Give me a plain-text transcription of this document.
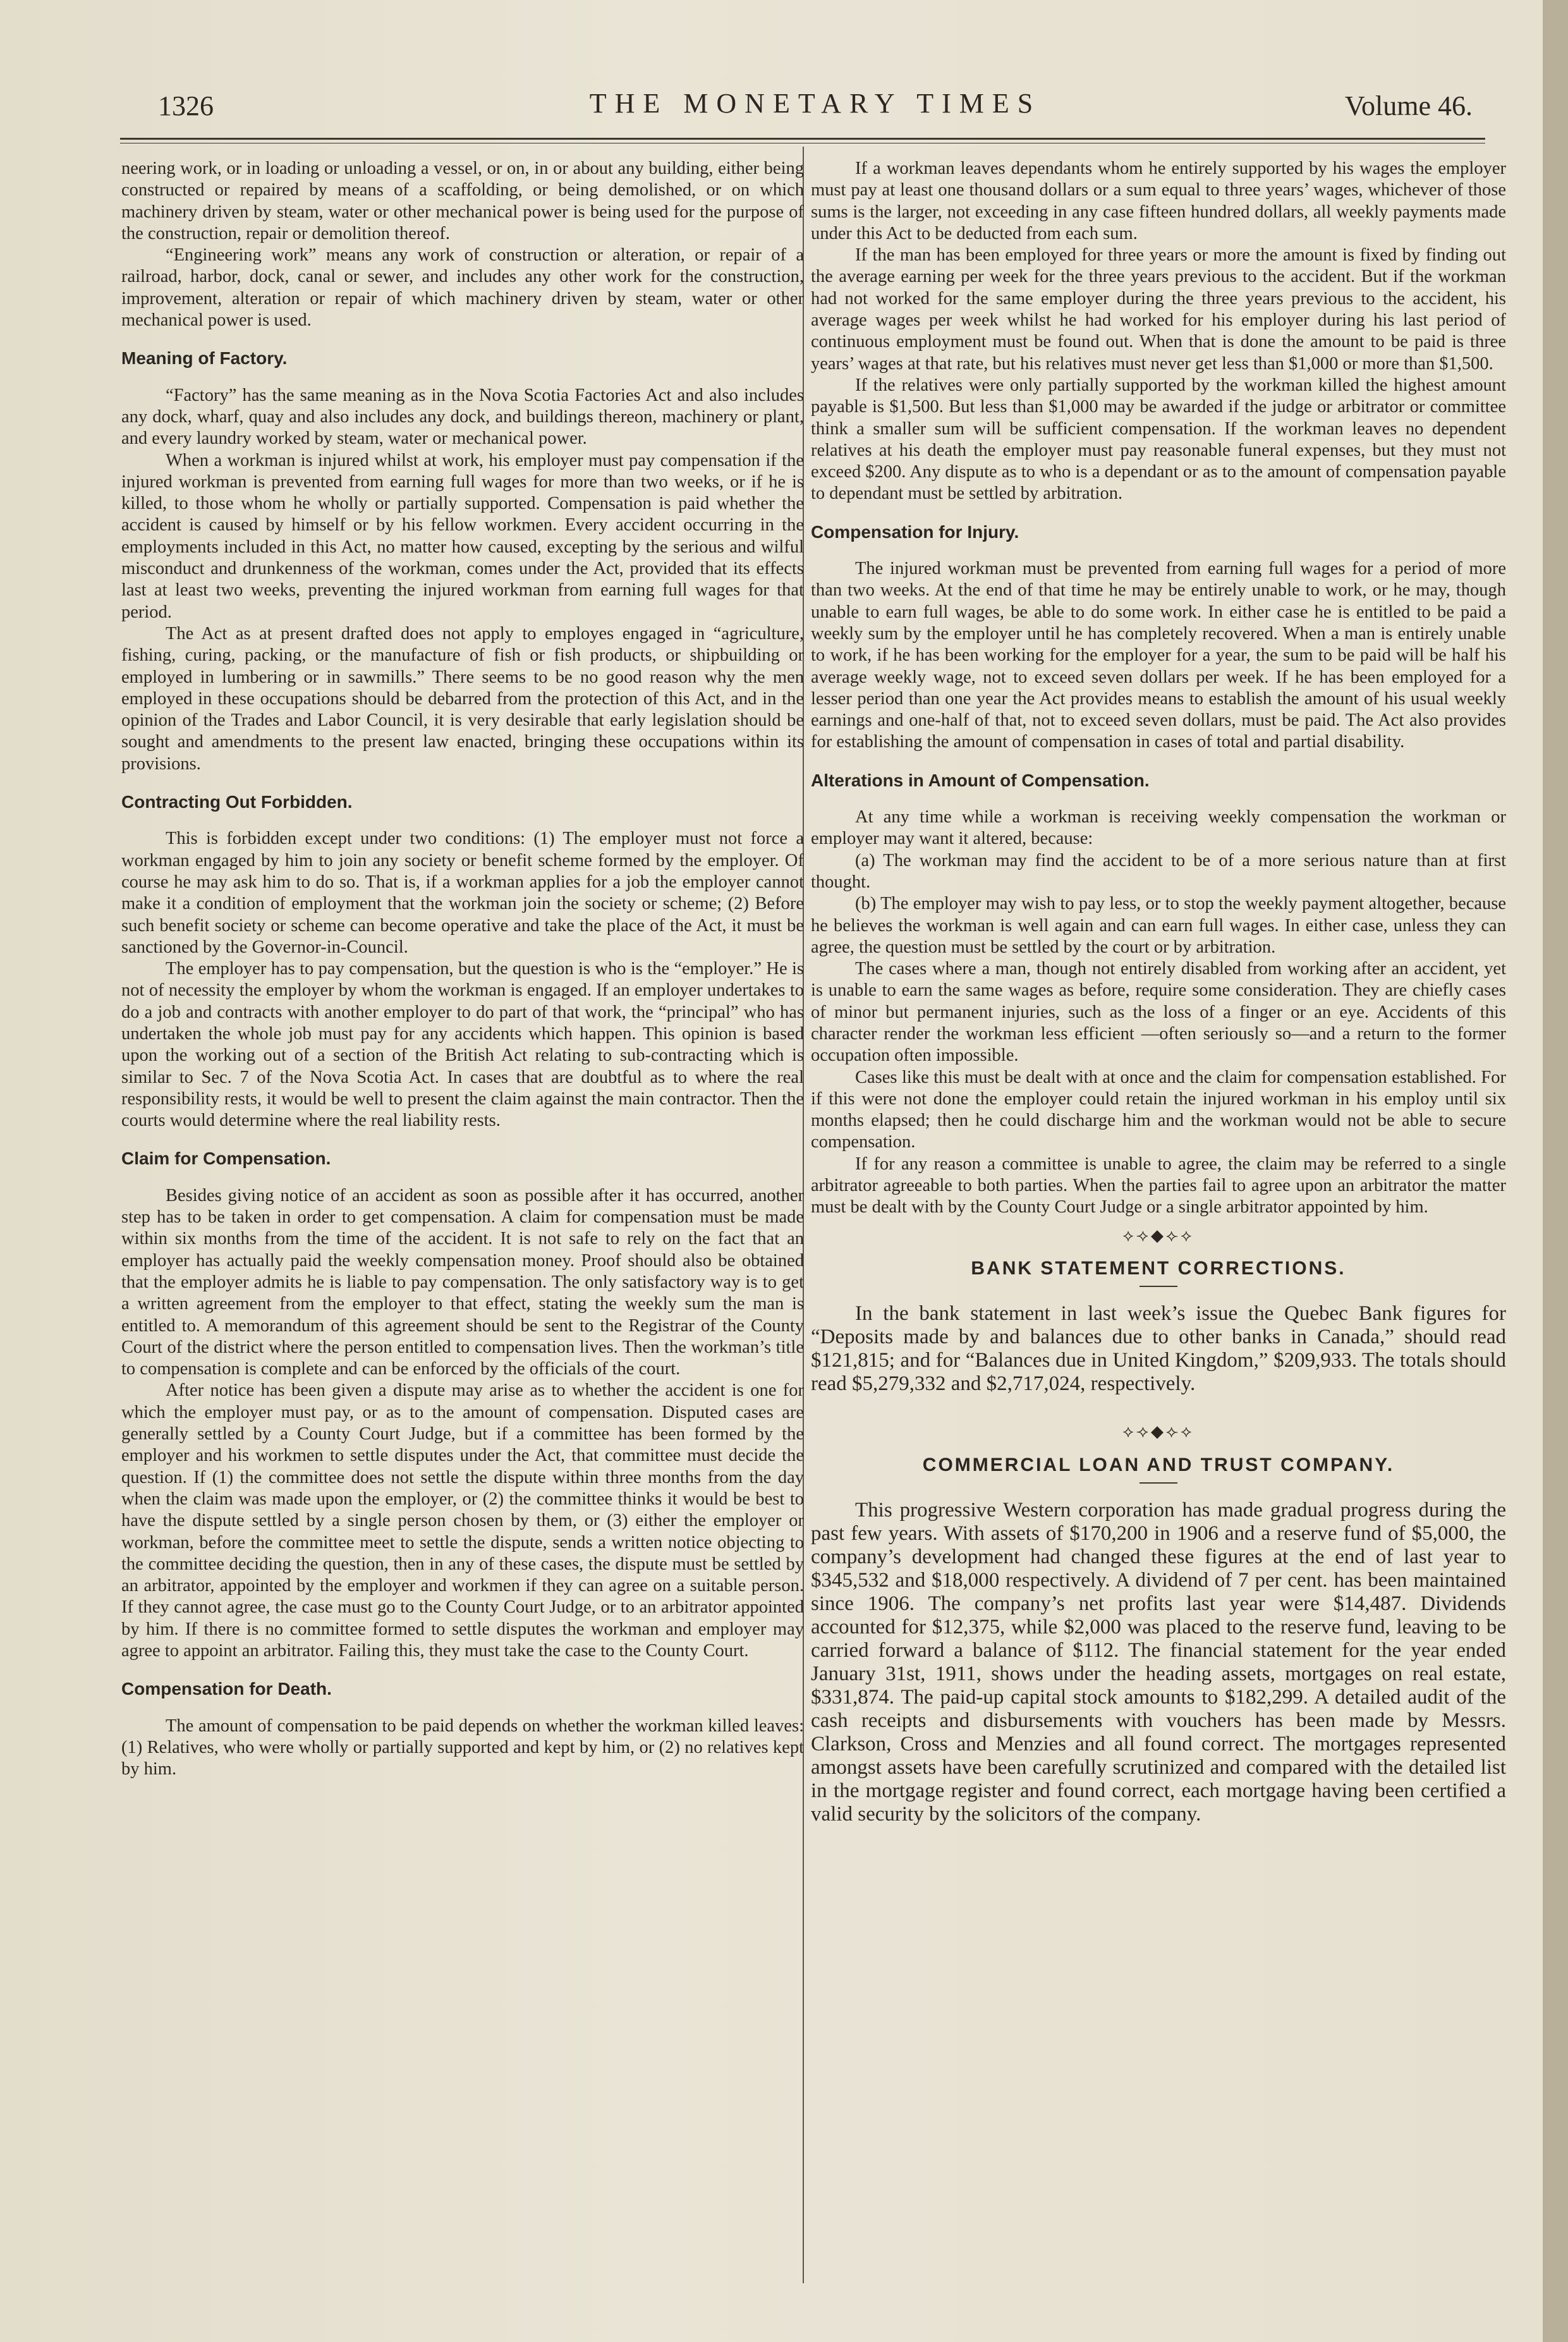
1326	THE MONETARY TIMES	Volume 46.

neering work, or in loading or unloading a vessel, or on, in or about any building, either being constructed or repaired by means of a scaffolding, or being demolished, or on which machinery driven by steam, water or other mechanical power is being used for the purpose of the construction, repair or demolition thereof.

“Engineering work” means any work of construction or alteration, or repair of a railroad, harbor, dock, canal or sewer, and includes any other work for the construction, improvement, alteration or repair of which machinery driven by steam, water or other mechanical power is used.

Meaning of Factory.

“Factory” has the same meaning as in the Nova Scotia Factories Act and also includes any dock, wharf, quay and also includes any dock, and buildings thereon, machinery or plant, and every laundry worked by steam, water or mechanical power.

When a workman is injured whilst at work, his employer must pay compensation if the injured workman is prevented from earning full wages for more than two weeks, or if he is killed, to those whom he wholly or partially supported. Compensation is paid whether the accident is caused by himself or by his fellow workmen. Every accident occurring in the employments included in this Act, no matter how caused, excepting by the serious and wilful misconduct and drunkenness of the workman, comes under the Act, provided that its effects last at least two weeks, preventing the injured workman from earning full wages for that period.

The Act as at present drafted does not apply to employes engaged in “agriculture, fishing, curing, packing, or the manufacture of fish or fish products, or shipbuilding or employed in lumbering or in sawmills.” There seems to be no good reason why the men employed in these occupations should be debarred from the protection of this Act, and in the opinion of the Trades and Labor Council, it is very desirable that early legislation should be sought and amendments to the present law enacted, bringing these occupations within its provisions.

Contracting Out Forbidden.

This is forbidden except under two conditions: (1) The employer must not force a workman engaged by him to join any society or benefit scheme formed by the employer. Of course he may ask him to do so. That is, if a workman applies for a job the employer cannot make it a condition of employment that the workman join the society or scheme; (2) Before such benefit society or scheme can become operative and take the place of the Act, it must be sanctioned by the Governor-in-Council.

The employer has to pay compensation, but the question is who is the “employer.” He is not of necessity the employer by whom the workman is engaged. If an employer undertakes to do a job and contracts with another employer to do part of that work, the “principal” who has undertaken the whole job must pay for any accidents which happen. This opinion is based upon the working out of a section of the British Act relating to sub-contracting which is similar to Sec. 7 of the Nova Scotia Act. In cases that are doubtful as to where the real responsibility rests, it would be well to present the claim against the main contractor. Then the courts would determine where the real liability rests.

Claim for Compensation.

Besides giving notice of an accident as soon as possible after it has occurred, another step has to be taken in order to get compensation. A claim for compensation must be made within six months from the time of the accident. It is not safe to rely on the fact that an employer has actually paid the weekly compensation money. Proof should also be obtained that the employer admits he is liable to pay compensation. The only satisfactory way is to get a written agreement from the employer to that effect, stating the weekly sum the man is entitled to. A memorandum of this agreement should be sent to the Registrar of the County Court of the district where the person entitled to compensation lives. Then the workman’s title to compensation is complete and can be enforced by the officials of the court.

After notice has been given a dispute may arise as to whether the accident is one for which the employer must pay, or as to the amount of compensation. Disputed cases are generally settled by a County Court Judge, but if a committee has been formed by the employer and his workmen to settle disputes under the Act, that committee must decide the question. If (1) the committee does not settle the dispute within three months from the day when the claim was made upon the employer, or (2) the committee thinks it would be best to have the dispute settled by a single person chosen by them, or (3) either the employer or workman, before the committee meet to settle the dispute, sends a written notice objecting to the committee deciding the question, then in any of these cases, the dispute must be settled by an arbitrator, appointed by the employer and workmen if they can agree on a suitable person. If they cannot agree, the case must go to the County Court Judge, or to an arbitrator appointed by him. If there is no committee formed to settle disputes the workman and employer may agree to appoint an arbitrator. Failing this, they must take the case to the County Court.

Compensation for Death.

The amount of compensation to be paid depends on whether the workman killed leaves: (1) Relatives, who were wholly or partially supported and kept by him, or (2) no relatives kept by him.

If a workman leaves dependants whom he entirely supported by his wages the employer must pay at least one thousand dollars or a sum equal to three years’ wages, whichever of those sums is the larger, not exceeding in any case fifteen hundred dollars, all weekly payments made under this Act to be deducted from each sum.

If the man has been employed for three years or more the amount is fixed by finding out the average earning per week for the three years previous to the accident. But if the workman had not worked for the same employer during the three years previous to the accident, his average wages per week whilst he had worked for his employer during his last period of continuous employment must be found out. When that is done the amount to be paid is three years’ wages at that rate, but his relatives must never get less than $1,000 or more than $1,500.

If the relatives were only partially supported by the workman killed the highest amount payable is $1,500. But less than $1,000 may be awarded if the judge or arbitrator or committee think a smaller sum will be sufficient compensation. If the workman leaves no dependent relatives at his death the employer must pay reasonable funeral expenses, but they must not exceed $200. Any dispute as to who is a dependant or as to the amount of compensation payable to dependant must be settled by arbitration.

Compensation for Injury.

The injured workman must be prevented from earning full wages for a period of more than two weeks. At the end of that time he may be entirely unable to work, or he may, though unable to earn full wages, be able to do some work. In either case he is entitled to be paid a weekly sum by the employer until he has completely recovered. When a man is entirely unable to work, if he has been working for the employer for a year, the sum to be paid will be half his average weekly wage, not to exceed seven dollars per week. If he has been employed for a lesser period than one year the Act provides means to establish the amount of his usual weekly earnings and one-half of that, not to exceed seven dollars, must be paid. The Act also provides for establishing the amount of compensation in cases of total and partial disability.

Alterations in Amount of Compensation.

At any time while a workman is receiving weekly compensation the workman or employer may want it altered, because:

(a) The workman may find the accident to be of a more serious nature than at first thought.

(b) The employer may wish to pay less, or to stop the weekly payment altogether, because he believes the workman is well again and can earn full wages. In either case, unless they can agree, the question must be settled by the court or by arbitration.

The cases where a man, though not entirely disabled from working after an accident, yet is unable to earn the same wages as before, require some consideration. They are chiefly cases of minor but permanent injuries, such as the loss of a finger or an eye. Accidents of this character render the workman less efficient —often seriously so—and a return to the former occupation often impossible.

Cases like this must be dealt with at once and the claim for compensation established. For if this were not done the employer could retain the injured workman in his employ until six months elapsed; then he could discharge him and the workman would not be able to secure compensation.

If for any reason a committee is unable to agree, the claim may be referred to a single arbitrator agreeable to both parties. When the parties fail to agree upon an arbitrator the matter must be dealt with by the County Court Judge or a single arbitrator appointed by him.

⟡⟢◆⟣⟡
BANK STATEMENT CORRECTIONS.

In the bank statement in last week’s issue the Quebec Bank figures for “Deposits made by and balances due to other banks in Canada,” should read $121,815; and for “Balances due in United Kingdom,” $209,933. The totals should read $5,279,332 and $2,717,024, respectively.

⟡⟢◆⟣⟡
COMMERCIAL LOAN AND TRUST COMPANY.

This progressive Western corporation has made gradual progress during the past few years. With assets of $170,200 in 1906 and a reserve fund of $5,000, the company’s development had changed these figures at the end of last year to $345,532 and $18,000 respectively. A dividend of 7 per cent. has been maintained since 1906. The company’s net profits last year were $14,487. Dividends accounted for $12,375, while $2,000 was placed to the reserve fund, leaving to be carried forward a balance of $112. The financial statement for the year ended January 31st, 1911, shows under the heading assets, mortgages on real estate, $331,874. The paid-up capital stock amounts to $182,299. A detailed audit of the cash receipts and disbursements with vouchers has been made by Messrs. Clarkson, Cross and Menzies and all found correct. The mortgages represented amongst assets have been carefully scrutinized and compared with the detailed list in the mortgage register and found correct, each mortgage having been certified a valid security by the solicitors of the company.
